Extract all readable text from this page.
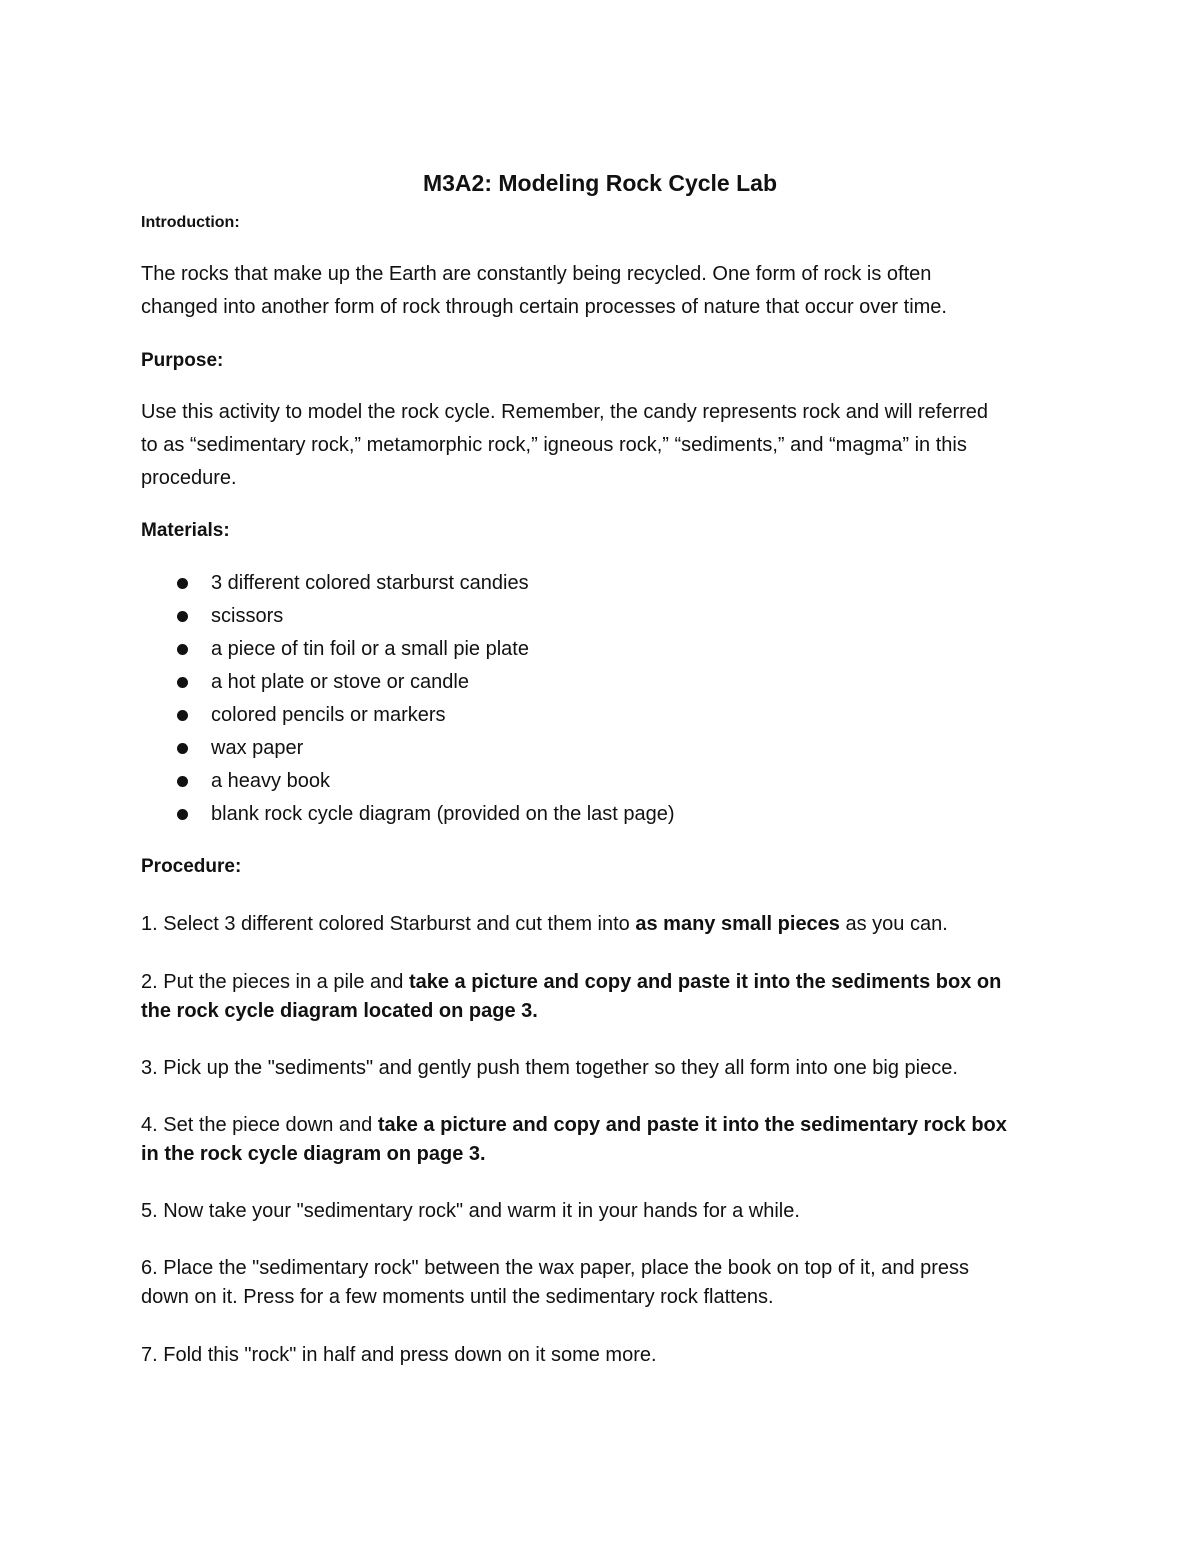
M3A2: Modeling Rock Cycle Lab
Introduction:
The rocks that make up the Earth are constantly being recycled. One form of rock is often
changed into another form of rock through certain processes of nature that occur over time.
Purpose:
Use this activity to model the rock cycle. Remember, the candy represents rock and will referred
to as “sedimentary rock,” metamorphic rock,” igneous rock,” “sediments,” and “magma” in this
procedure.
Materials:
3 different colored starburst candies
scissors
a piece of tin foil or a small pie plate
a hot plate or stove or candle
colored pencils or markers
wax paper
a heavy book
blank rock cycle diagram (provided on the last page)
Procedure:
1. Select 3 different colored Starburst and cut them into as many small pieces as you can.
2. Put the pieces in a pile and take a picture and copy and paste it into the sediments box on
the rock cycle diagram located on page 3.
3. Pick up the "sediments" and gently push them together so they all form into one big piece.
4. Set the piece down and take a picture and copy and paste it into the sedimentary rock box
in the rock cycle diagram on page 3.
5. Now take your "sedimentary rock" and warm it in your hands for a while.
6. Place the "sedimentary rock" between the wax paper, place the book on top of it, and press
down on it. Press for a few moments until the sedimentary rock flattens.
7. Fold this "rock" in half and press down on it some more.
